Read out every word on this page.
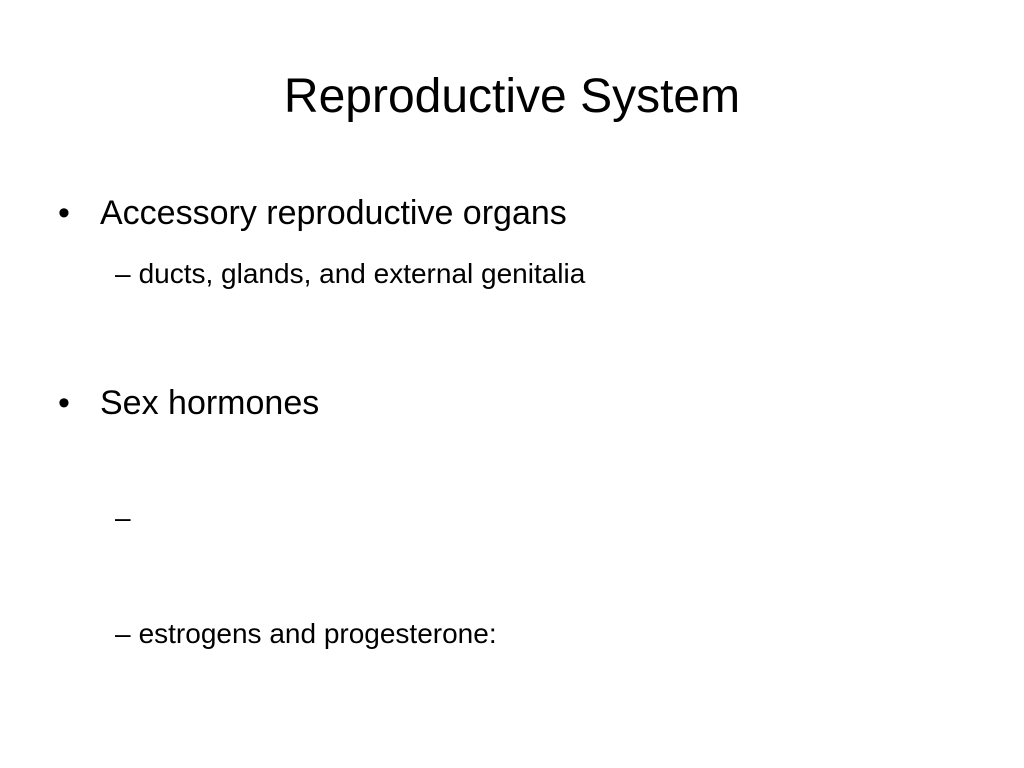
Reproductive System
• Accessory reproductive organs
– ducts, glands, and external genitalia
• Sex hormones
–
– estrogens and progesterone:
